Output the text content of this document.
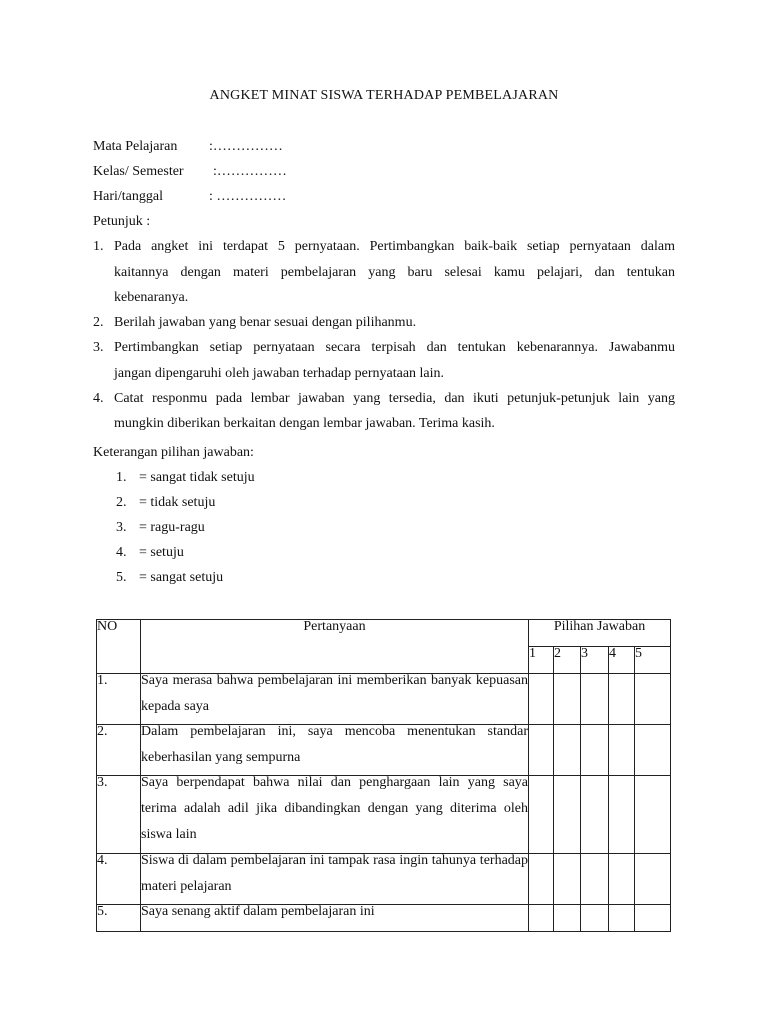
ANGKET MINAT SISWA TERHADAP PEMBELAJARAN
Mata Pelajaran :……………
Kelas/ Semester :……………
Hari/tanggal	: ……………
Petunjuk :
1. Pada angket ini terdapat 5 pernyataan. Pertimbangkan baik-baik setiap pernyataan dalam
kaitannya dengan materi pembelajaran yang baru selesai kamu pelajari, dan tentukan
kebenaranya.
2. Berilah jawaban yang benar sesuai dengan pilihanmu.
3. Pertimbangkan setiap pernyataan secara terpisah dan tentukan kebenarannya. Jawabanmu
jangan dipengaruhi oleh jawaban terhadap pernyataan lain.
4. Catat responmu pada lembar jawaban yang tersedia, dan ikuti petunjuk-petunjuk lain yang
mungkin diberikan berkaitan dengan lembar jawaban. Terima kasih.
Keterangan pilihan jawaban:
1. = sangat tidak setuju
2. = tidak setuju
3. = ragu-ragu
4. = setuju
5. = sangat setuju
NO	Pertanyaan	Pilihan Jawaban				
		1	2	3	4	5
1.	Saya merasa bahwa pembelajaran ini memberikan banyak kepuasan kepada saya					

2.	Dalam pembelajaran ini, saya mencoba menentukan standar keberhasilan yang sempurna					

3.	Saya berpendapat bahwa nilai dan penghargaan lain yang saya terima adalah adil jika dibandingkan dengan yang diterima oleh siswa lain					

4.	Siswa di dalam pembelajaran ini tampak rasa ingin tahunya terhadap materi pelajaran					

5.	Saya senang aktif dalam pembelajaran ini					
